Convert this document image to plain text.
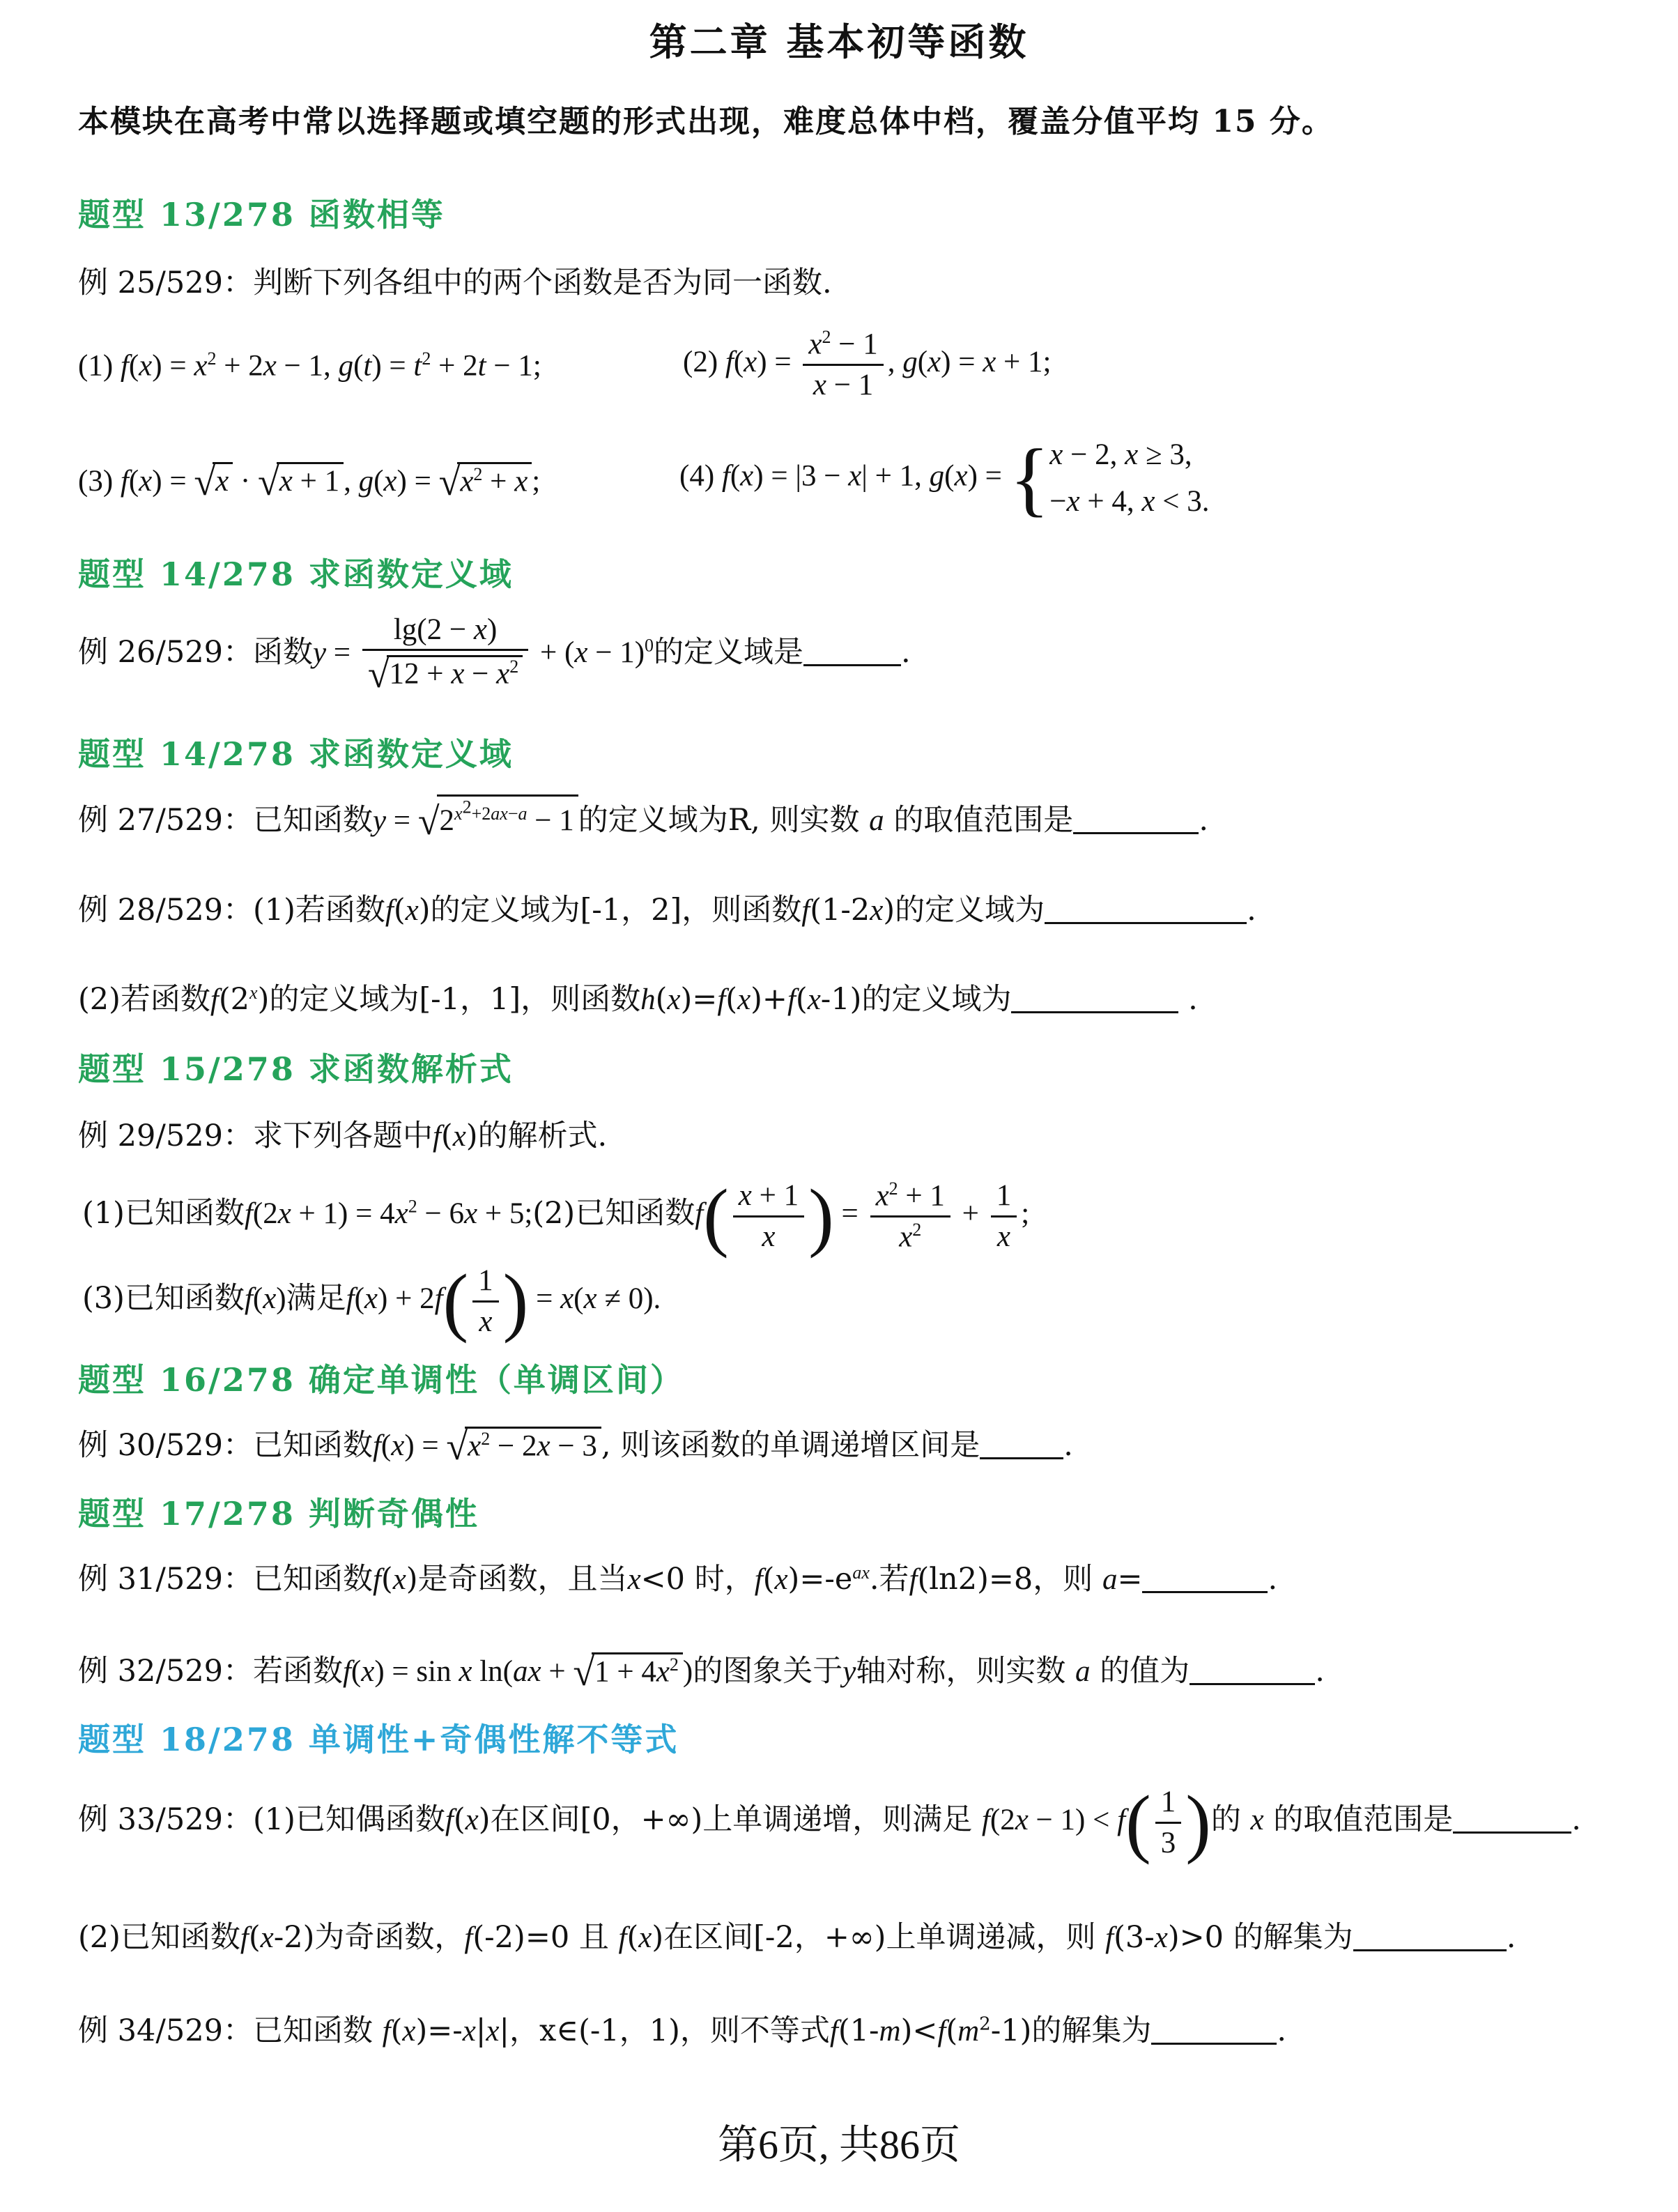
第二章 基本初等函数
本模块在高考中常以选择题或填空题的形式出现，难度总体中档，覆盖分值平均 15 分。
题型 13/278 函数相等
例 25/529：判断下列各组中的两个函数是否为同一函数.
(1) $f(x) = x^2 + 2x - 1$, $g(t) = t^2 + 2t - 1$;	(2) $f(x) = \frac{x^2 - 1}{x - 1}$ , g(x) = x + 1;
(3) f(x) = √x · √x + 1 , $g(x) = √x^2 + x$ ;	(4) f(x) = |3 − x| + 1, g(x) = {x − 2, x ≥ 3,
−x + 4, x < 3.
题型 14/278 求函数定义域
例 26/529：函数$y = \frac{\lg(2 - x)}{√12 + x - x^2} + (x - 1)^0$的定义域是	.
题型 14/278 求函数定义域
例 27/529：已知函数$y = √2^{x^2+2ax-a} - 1$ 的定义域为R, 则实数 a 的取值范围是	.
例 28/529：(1)若函数f(x)的定义域为[-1，2]，则函数f(1-2x)的定义域为	.
(2)若函数f(2$^x$)的定义域为[-1，1]，则函数h(x)=f(x)+f(x-1)的定义域为	.
题型 15/278 求函数解析式
例 29/529：求下列各题中f(x)的解析式.
(1)已知函数$f(2x + 1) = 4x^2 - 6x$ + 5;(2)已知函数$f( \frac{x + 1}{x}$ ) = $\frac{x^2 + 1}{x^2} + \frac{1}{x}$ ;
(3)已知函数f(x)满足$f(x) + 2f( \frac{1}{x}$ ) = x(x ≠ 0).
题型 16/278 确定单调性（单调区间）
例 30/529：已知函数$f(x) = √x^2 - 2x - 3$ , 则该函数的单调递增区间是	.
题型 17/278 判断奇偶性
例 31/529：已知函数f(x)是奇函数，且当x<0 时，$f(x)=-e^{ax}$.若f(ln2)=8，则 a=	.
例 32/529：若函数f(x) = sin x $\ln(ax + √1 + 4x^2$ )的图象关于y轴对称，则实数 a 的值为	.
题型 18/278 单调性+奇偶性解不等式
例 33/529：(1)已知偶函数f(x)在区间[0，+∞)上单调递增，则满足 $f(2x - 1) < f( \frac{1}{3}$ )的 x 的取值范围是	.
(2)已知函数f(x-2)为奇函数，f(-2)=0 且 f(x)在区间[-2，+∞)上单调递减，则 f(3-x)>0 的解集为	.
例 34/529：已知函数 f(x)=-x|x|，x∈(-1，1)，则不等式$f(1-m)<f(m^2-1)$的解集为	.
第6页, 共86页
